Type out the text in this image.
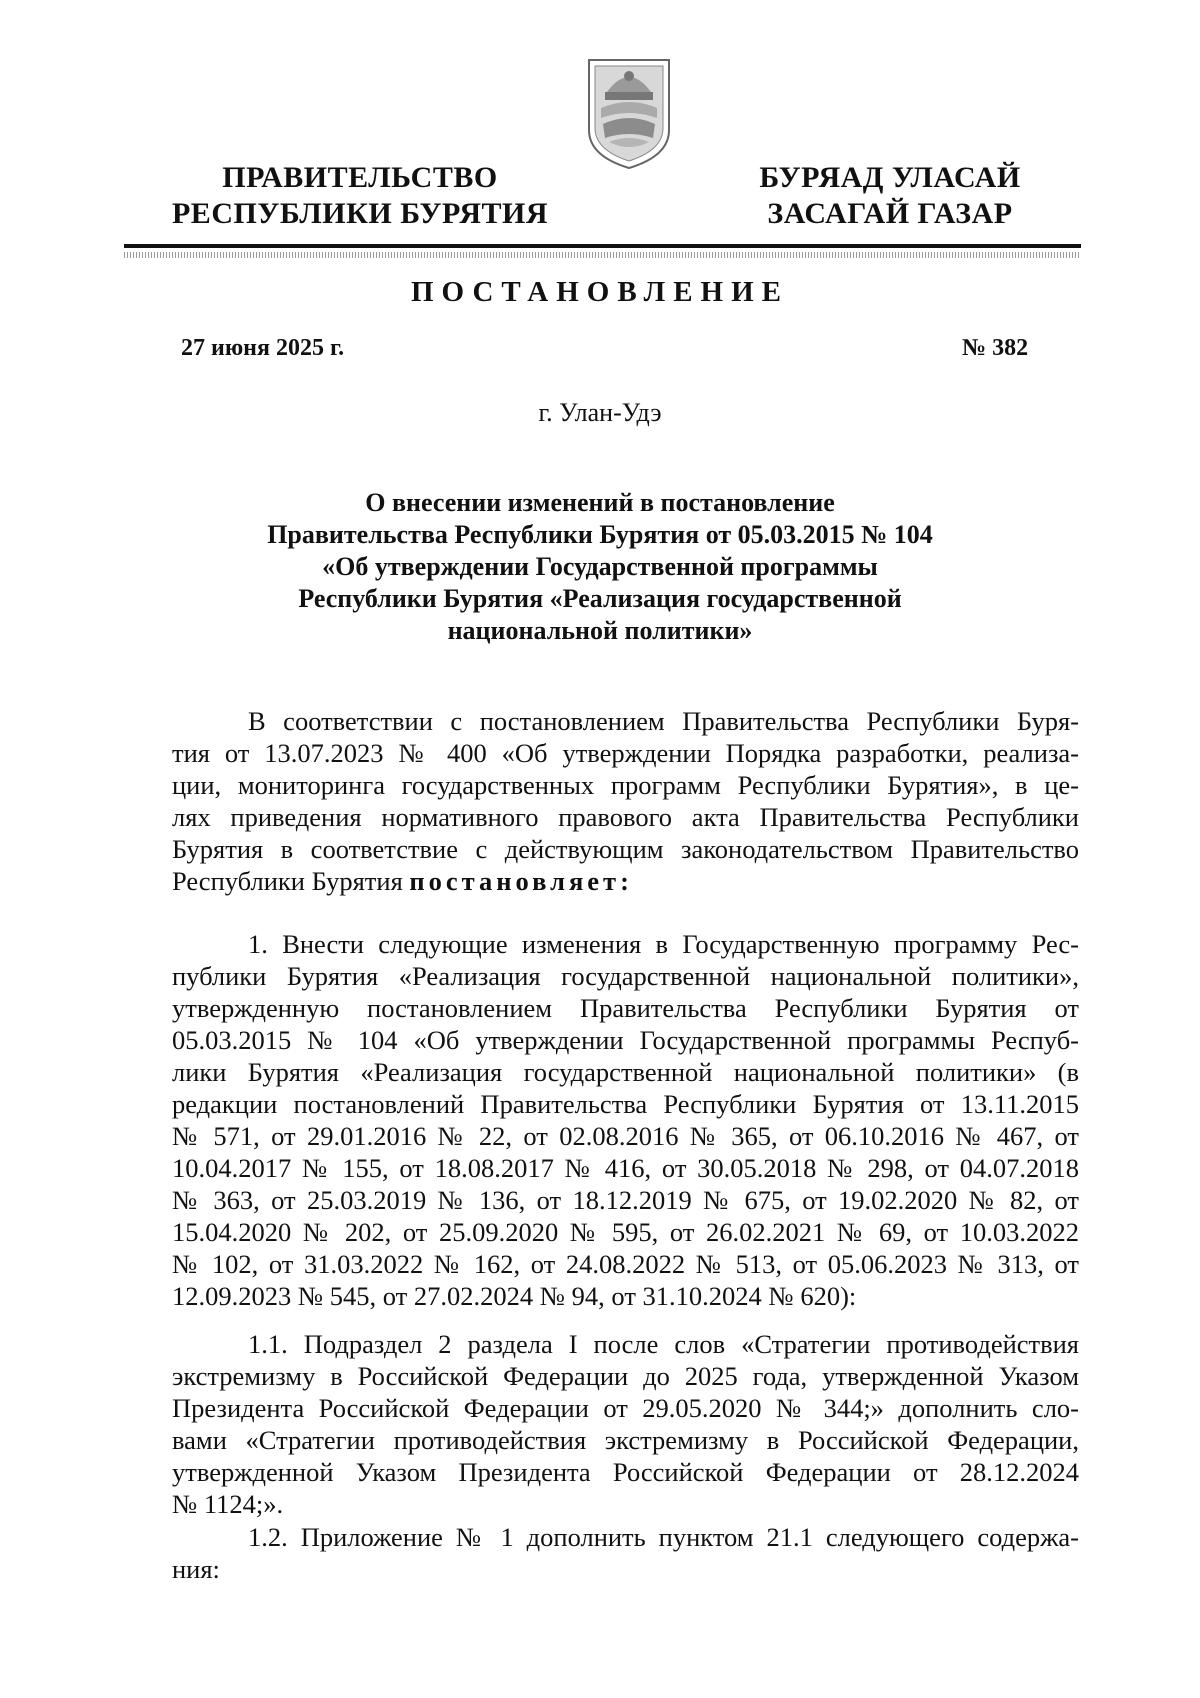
ПРАВИТЕЛЬСТВО
РЕСПУБЛИКИ БУРЯТИЯ
БУРЯАД УЛАСАЙ
ЗАСАГАЙ ГАЗАР
ПОСТАНОВЛЕНИЕ
27 июня 2025 г.	№ 382
г. Улан-Удэ
О внесении изменений в постановление
Правительства Республики Бурятия от 05.03.2015 № 104
«Об утверждении Государственной программы
Республики Бурятия «Реализация государственной
национальной политики»
В соответствии с постановлением Правительства Республики Буря-
тия от 13.07.2023 № 400 «Об утверждении Порядка разработки, реализа-
ции, мониторинга государственных программ Республики Бурятия», в це-
лях приведения нормативного правового акта Правительства Республики
Бурятия в соответствие с действующим законодательством Правительство
Республики Бурятия постановляет:
1. Внести следующие изменения в Государственную программу Рес-
публики Бурятия «Реализация государственной национальной политики»,
утвержденную постановлением Правительства Республики Бурятия от
05.03.2015 № 104 «Об утверждении Государственной программы Респуб-
лики Бурятия «Реализация государственной национальной политики» (в
редакции постановлений Правительства Республики Бурятия от 13.11.2015
№ 571, от 29.01.2016 № 22, от 02.08.2016 № 365, от 06.10.2016 № 467, от
10.04.2017 № 155, от 18.08.2017 № 416, от 30.05.2018 № 298, от 04.07.2018
№ 363, от 25.03.2019 № 136, от 18.12.2019 № 675, от 19.02.2020 № 82, от
15.04.2020 № 202, от 25.09.2020 № 595, от 26.02.2021 № 69, от 10.03.2022
№ 102, от 31.03.2022 № 162, от 24.08.2022 № 513, от 05.06.2023 № 313, от
12.09.2023 № 545, от 27.02.2024 № 94, от 31.10.2024 № 620):
1.1. Подраздел 2 раздела I после слов «Стратегии противодействия
экстремизму в Российской Федерации до 2025 года, утвержденной Указом
Президента Российской Федерации от 29.05.2020 № 344;» дополнить сло-
вами «Стратегии противодействия экстремизму в Российской Федерации,
утвержденной Указом Президента Российской Федерации от 28.12.2024
№ 1124;».
1.2. Приложение № 1 дополнить пунктом 21.1 следующего содержа-
ния:
